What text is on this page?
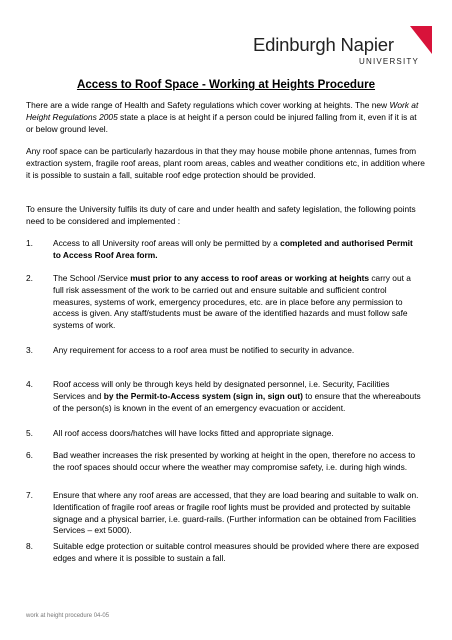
Edinburgh Napier
UNIVERSITY
Access to Roof Space - Working at Heights Procedure
There are a wide range of Health and Safety regulations which cover working at heights. The new Work at Height Regulations 2005 state a place is at height if a person could be injured falling from it, even if it is at or below ground level.
Any roof space can be particularly hazardous in that they may house mobile phone antennas, fumes from extraction system, fragile roof areas, plant room areas, cables and weather conditions etc, in addition where it is possible to sustain a fall, suitable roof edge protection should be provided.
To ensure the University fulfils its duty of care and under health and safety legislation, the following points need to be considered and implemented :
1. Access to all University roof areas will only be permitted by a completed and authorised Permit to Access Roof Area form.
2. The School /Service must prior to any access to roof areas or working at heights carry out a full risk assessment of the work to be carried out and ensure suitable and sufficient control measures, systems of work, emergency procedures, etc. are in place before any permission to access is given. Any staff/students must be aware of the identified hazards and must follow safe systems of work.
3. Any requirement for access to a roof area must be notified to security in advance.
4. Roof access will only be through keys held by designated personnel, i.e. Security, Facilities Services and by the Permit-to-Access system (sign in, sign out) to ensure that the whereabouts of the person(s) is known in the event of an emergency evacuation or accident.
5. All roof access doors/hatches will have locks fitted and appropriate signage.
6. Bad weather increases the risk presented by working at height in the open, therefore no access to the roof spaces should occur where the weather may compromise safety, i.e. during high winds.
7. Ensure that where any roof areas are accessed, that they are load bearing and suitable to walk on. Identification of fragile roof areas or fragile roof lights must be provided and protected by suitable signage and a physical barrier, i.e. guard-rails. (Further information can be obtained from Facilities Services – ext 5000).
8. Suitable edge protection or suitable control measures should be provided where there are exposed edges and where it is possible to sustain a fall.
work at height procedure 04-05
